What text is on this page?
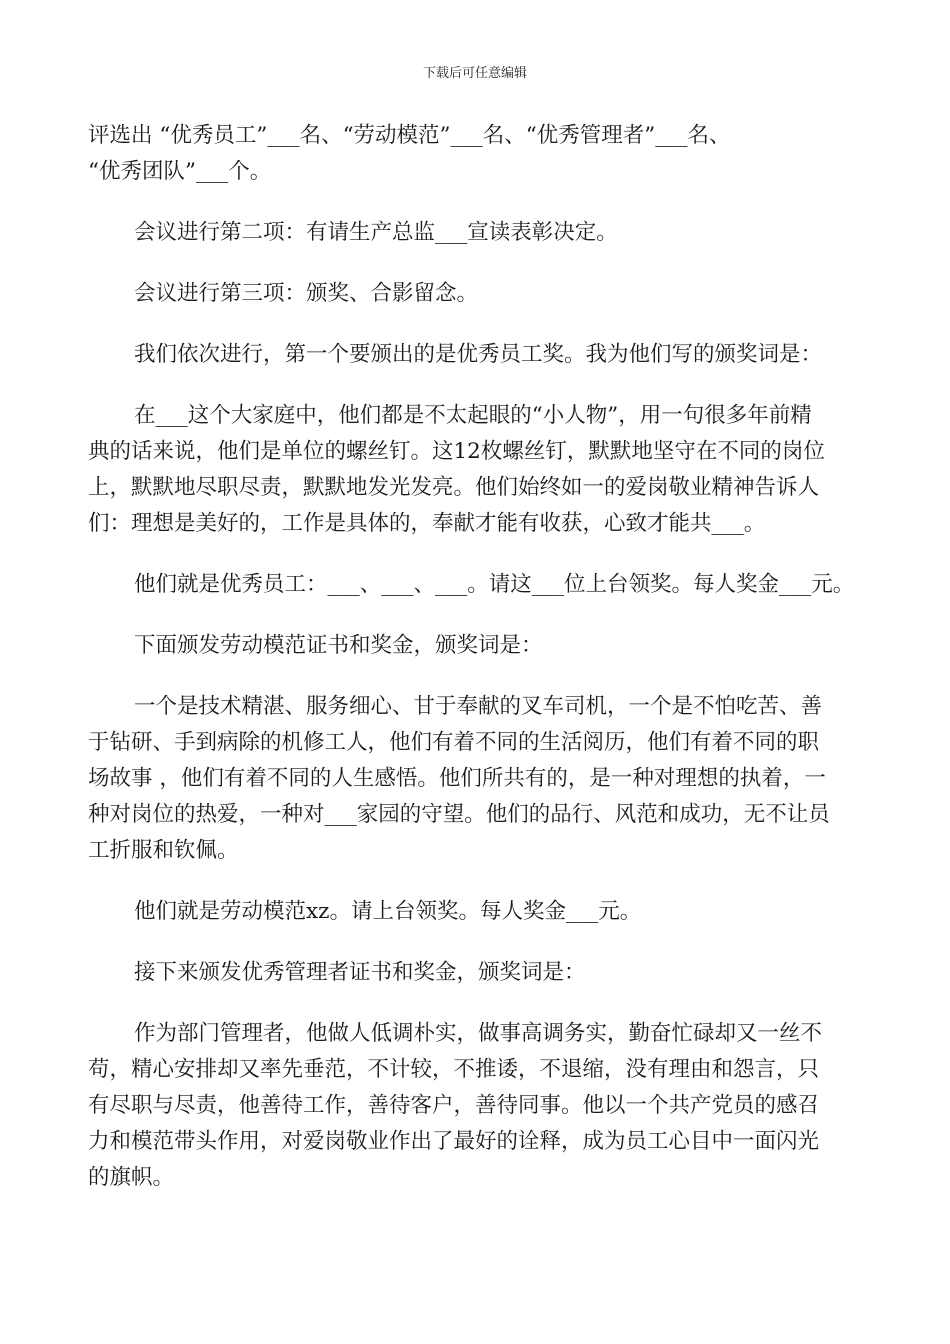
下载后可任意编辑

评选出 “优秀员工”___名、“劳动模范”___名、“优秀管理者”___名、
“优秀团队”___个。

会议进行第二项：有请生产总监___宣读表彰决定。

会议进行第三项：颁奖、合影留念。

我们依次进行，第一个要颁出的是优秀员工奖。我为他们写的颁奖词是：

在___这个大家庭中，他们都是不太起眼的“小人物”，用一句很多年前精
典的话来说，他们是单位的螺丝钉。这12枚螺丝钉，默默地坚守在不同的岗位
上，默默地尽职尽责，默默地发光发亮。他们始终如一的爱岗敬业精神告诉人
们：理想是美好的，工作是具体的，奉献才能有收获，心致才能共___。

他们就是优秀员工：___、___、___。请这___位上台领奖。每人奖金___元。

下面颁发劳动模范证书和奖金，颁奖词是：

一个是技术精湛、服务细心、甘于奉献的叉车司机，一个是不怕吃苦、善
于钻研、手到病除的机修工人，他们有着不同的生活阅历，他们有着不同的职
场故事 ，他们有着不同的人生感悟。他们所共有的，是一种对理想的执着，一
种对岗位的热爱，一种对___家园的守望。他们的品行、风范和成功，无不让员
工折服和钦佩。

他们就是劳动模范xz。请上台领奖。每人奖金___元。

接下来颁发优秀管理者证书和奖金，颁奖词是：

作为部门管理者，他做人低调朴实，做事高调务实，勤奋忙碌却又一丝不
苟，精心安排却又率先垂范，不计较，不推诿，不退缩，没有理由和怨言，只
有尽职与尽责，他善待工作，善待客户，善待同事。他以一个共产党员的感召
力和模范带头作用，对爱岗敬业作出了最好的诠释，成为员工心目中一面闪光
的旗帜。
